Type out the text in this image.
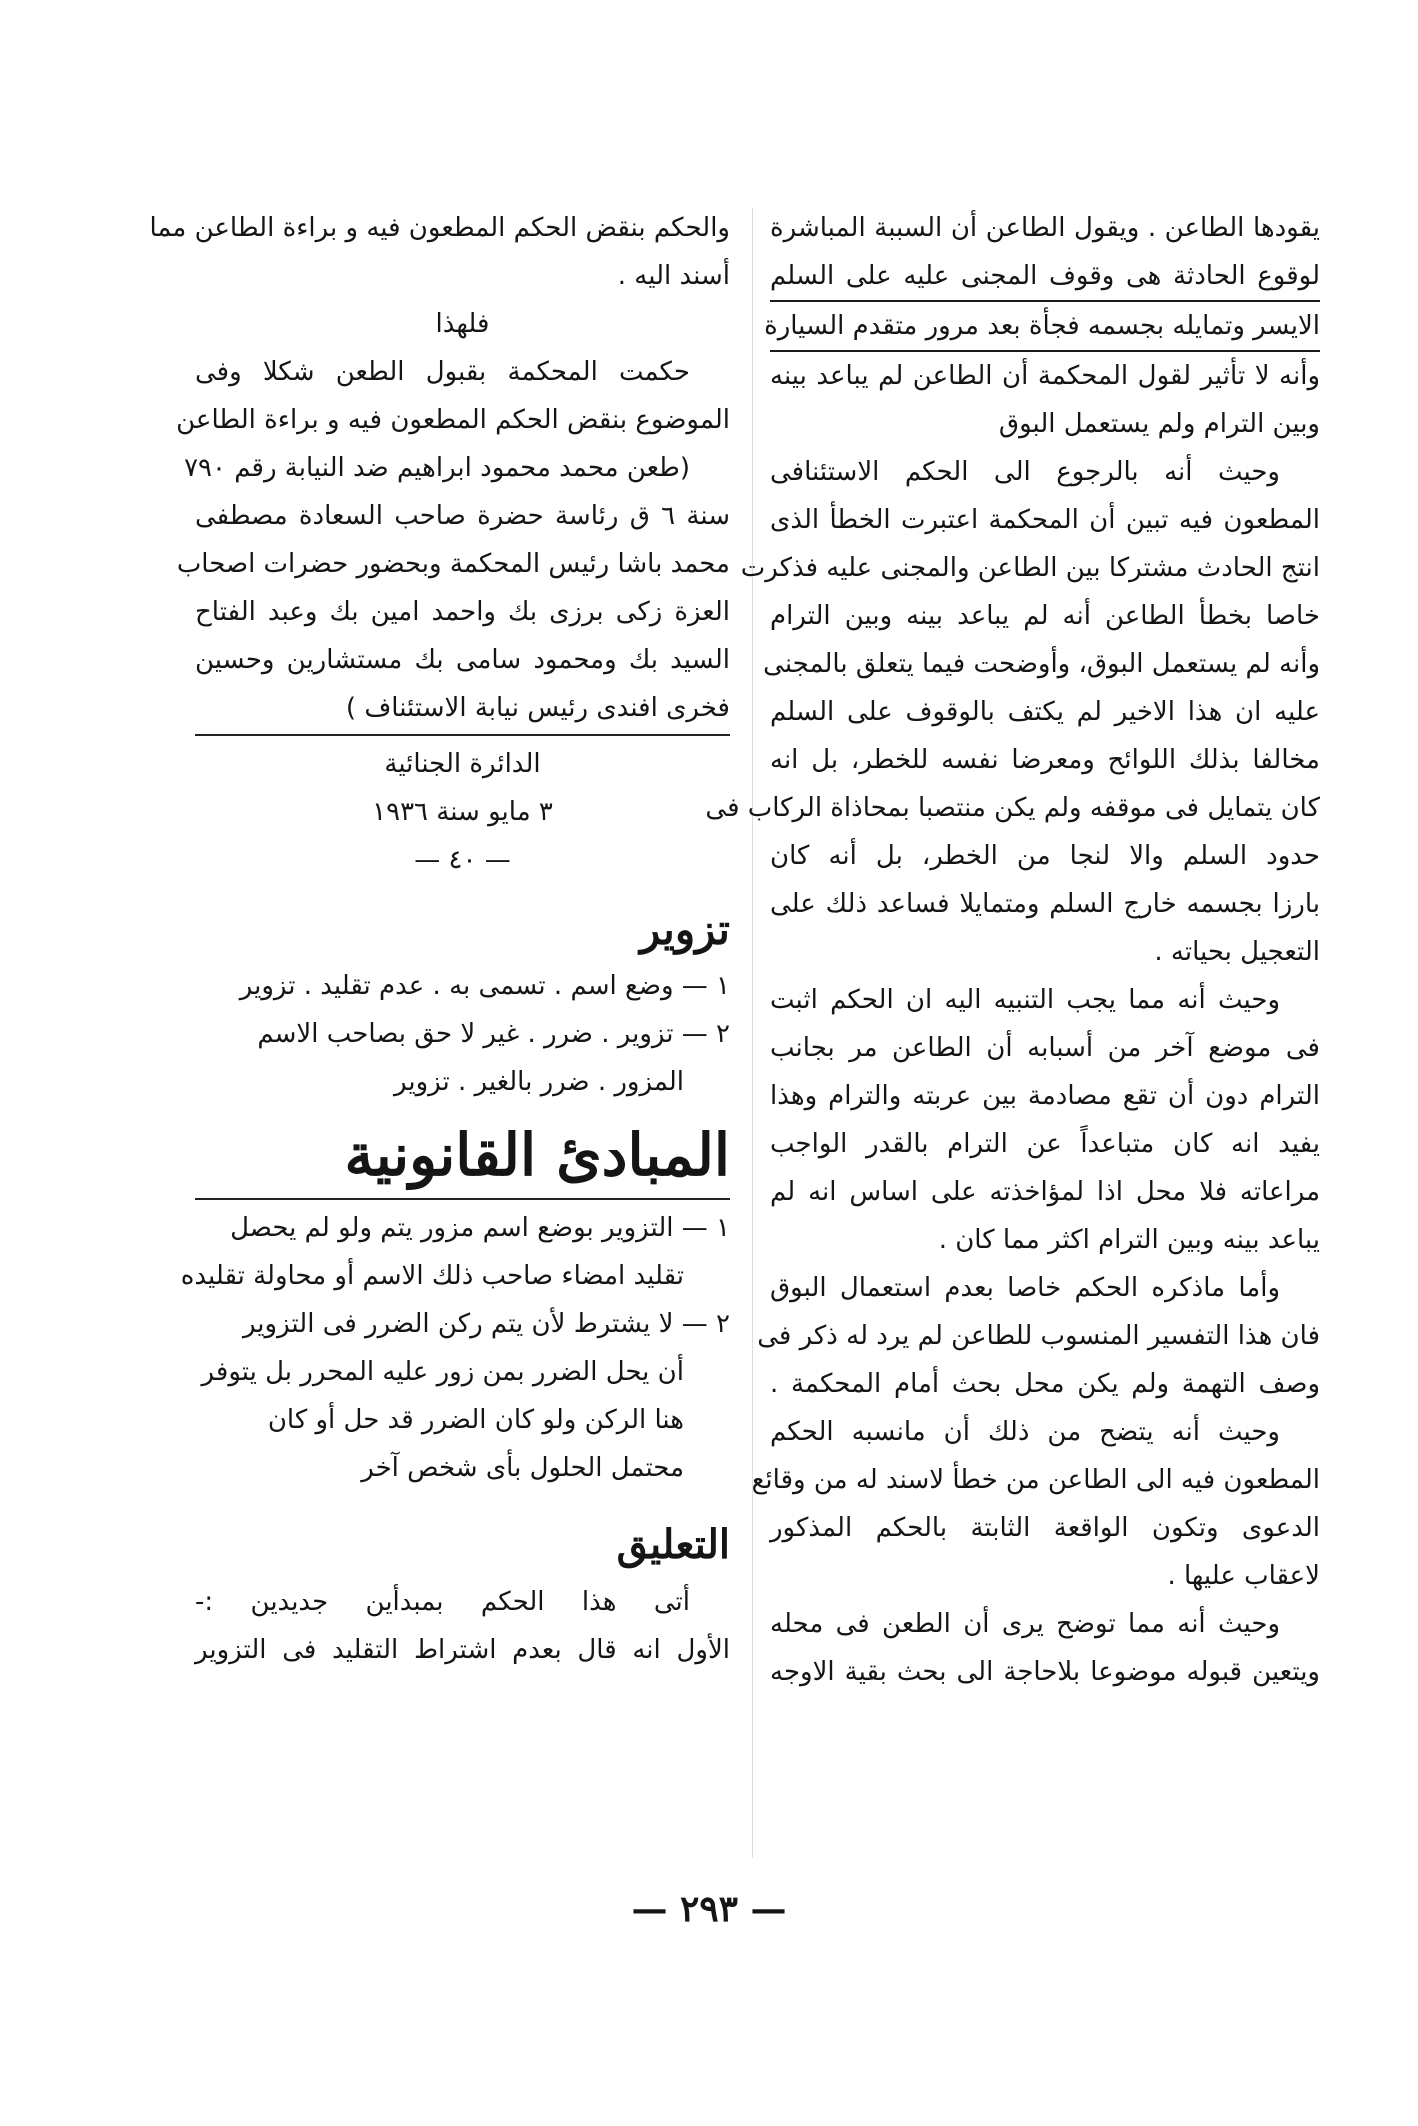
يقودها الطاعن . ويقول الطاعن أن السببة المباشرة
لوقوع الحادثة هى وقوف المجنى عليه على السلم
الايسر وتمايله بجسمه فجأة بعد مرور متقدم السيارة
وأنه لا تأثير لقول المحكمة أن الطاعن لم يباعد بينه
وبين الترام ولم يستعمل البوق
وحيث أنه بالرجوع الى الحكم الاستئنافى
المطعون فيه تبين أن المحكمة اعتبرت الخطأ الذى
انتج الحادث مشتركا بين الطاعن والمجنى عليه فذكرت
خاصا بخطأ الطاعن أنه لم يباعد بينه وبين الترام
وأنه لم يستعمل البوق، وأوضحت فيما يتعلق بالمجنى
عليه ان هذا الاخير لم يكتف بالوقوف على السلم
مخالفا بذلك اللوائح ومعرضا نفسه للخطر، بل انه
كان يتمايل فى موقفه ولم يكن منتصبا بمحاذاة الركاب فى
حدود السلم والا لنجا من الخطر، بل أنه كان
بارزا بجسمه خارج السلم ومتمايلا فساعد ذلك على
التعجيل بحياته .
وحيث أنه مما يجب التنبيه اليه ان الحكم اثبت
فى موضع آخر من أسبابه أن الطاعن مر بجانب
الترام دون أن تقع مصادمة بين عربته والترام وهذا
يفيد انه كان متباعداً عن الترام بالقدر الواجب
مراعاته فلا محل اذا لمؤاخذته على اساس انه لم
يباعد بينه وبين الترام اكثر مما كان .
وأما ماذكره الحكم خاصا بعدم استعمال البوق
فان هذا التفسير المنسوب للطاعن لم يرد له ذكر فى
وصف التهمة ولم يكن محل بحث أمام المحكمة .
وحيث أنه يتضح من ذلك أن مانسبه الحكم
المطعون فيه الى الطاعن من خطأ لاسند له من وقائع
الدعوى وتكون الواقعة الثابتة بالحكم المذكور
لاعقاب عليها .
وحيث أنه مما توضح يرى أن الطعن فى محله
ويتعين قبوله موضوعا بلاحاجة الى بحث بقية الاوجه
والحكم بنقض الحكم المطعون فيه و براءة الطاعن مما
أسند اليه .
فلهذا
حكمت المحكمة بقبول الطعن شكلا وفى
الموضوع بنقض الحكم المطعون فيه و براءة الطاعن
(طعن محمد محمود ابراهيم ضد النيابة رقم ٧٩٠
سنة ٦ ق رئاسة حضرة صاحب السعادة مصطفى
محمد باشا رئيس المحكمة وبحضور حضرات اصحاب
العزة زكى برزى بك واحمد امين بك وعبد الفتاح
السيد بك ومحمود سامى بك مستشارين وحسين
فخرى افندى رئيس نيابة الاستئناف )
الدائرة الجنائية
٣ مايو سنة ١٩٣٦
— ٤٠ —
تزوير
١ — وضع اسم . تسمى به . عدم تقليد . تزوير
٢ — تزوير . ضرر . غير لا حق بصاحب الاسم
المزور . ضرر بالغير . تزوير
المبادئ القانونية
١ — التزوير بوضع اسم مزور يتم ولو لم يحصل
تقليد امضاء صاحب ذلك الاسم أو محاولة تقليده
٢ — لا يشترط لأن يتم ركن الضرر فى التزوير
أن يحل الضرر بمن زور عليه المحرر بل يتوفر
هنا الركن ولو كان الضرر قد حل أو كان
محتمل الحلول بأى شخص آخر
التعليق
أتى هذا الحكم بمبدأين جديدين :-
الأول انه قال بعدم اشتراط التقليد فى التزوير
— ٢٩٣ —
